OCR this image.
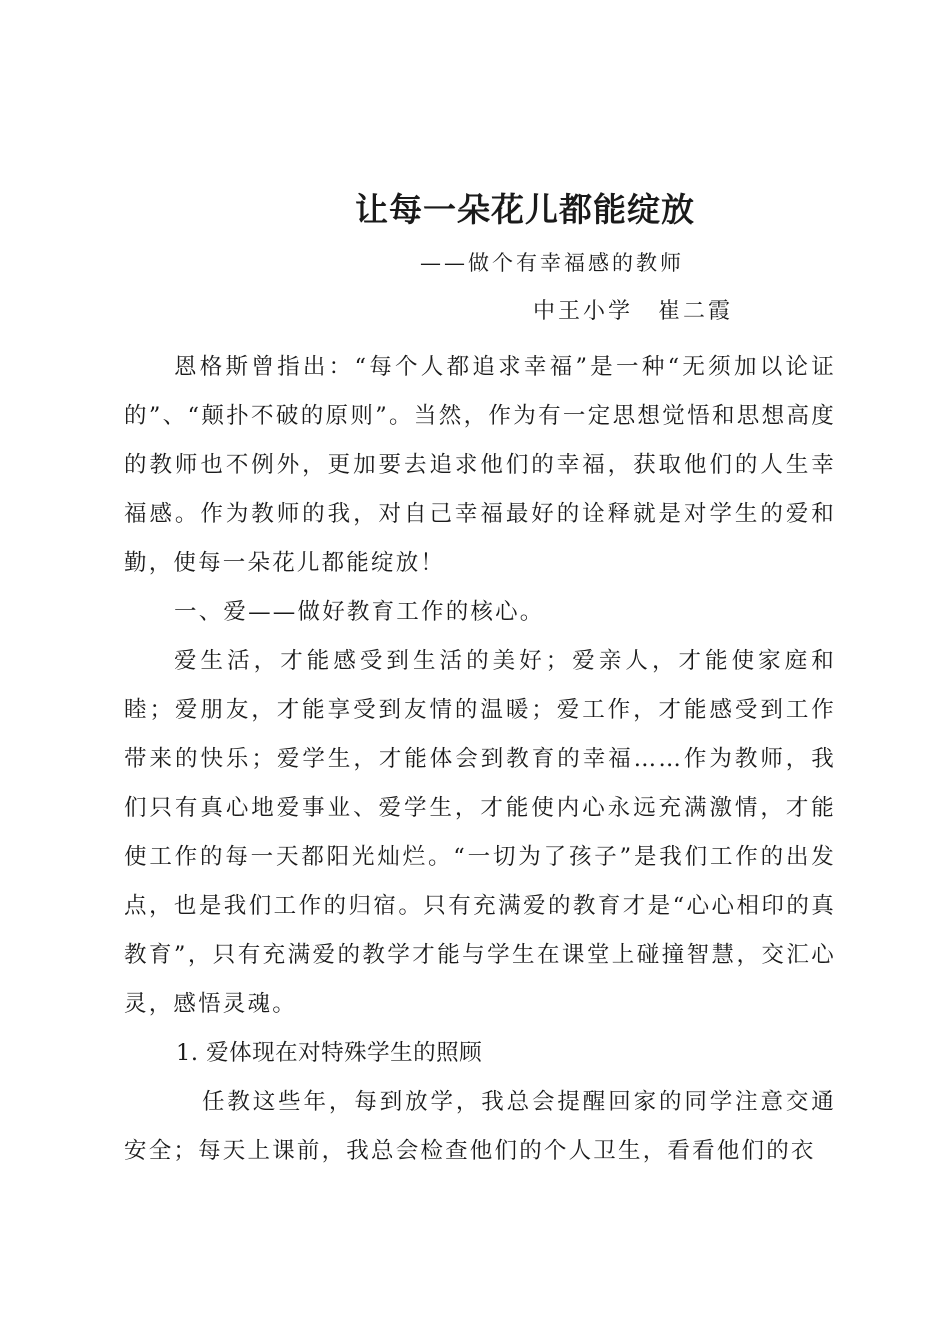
让每一朵花儿都能绽放
——做个有幸福感的教师
中王小学　崔二霞

恩格斯曾指出：“每个人都追求幸福”是一种“无须加以论证的”、“颠扑不破的原则”。当然，作为有一定思想觉悟和思想高度的教师也不例外，更加要去追求他们的幸福，获取他们的人生幸福感。作为教师的我，对自己幸福最好的诠释就是对学生的爱和勤，使每一朵花儿都能绽放！

一、爱——做好教育工作的核心。

爱生活，才能感受到生活的美好；爱亲人，才能使家庭和睦；爱朋友，才能享受到友情的温暖；爱工作，才能感受到工作带来的快乐；爱学生，才能体会到教育的幸福……作为教师，我们只有真心地爱事业、爱学生，才能使内心永远充满激情，才能使工作的每一天都阳光灿烂。“一切为了孩子”是我们工作的出发点，也是我们工作的归宿。只有充满爱的教育才是“心心相印的真教育”，只有充满爱的教学才能与学生在课堂上碰撞智慧，交汇心灵，感悟灵魂。

1. 爱体现在对特殊学生的照顾

任教这些年，每到放学，我总会提醒回家的同学注意交通安全；每天上课前，我总会检查他们的个人卫生，看看他们的衣
